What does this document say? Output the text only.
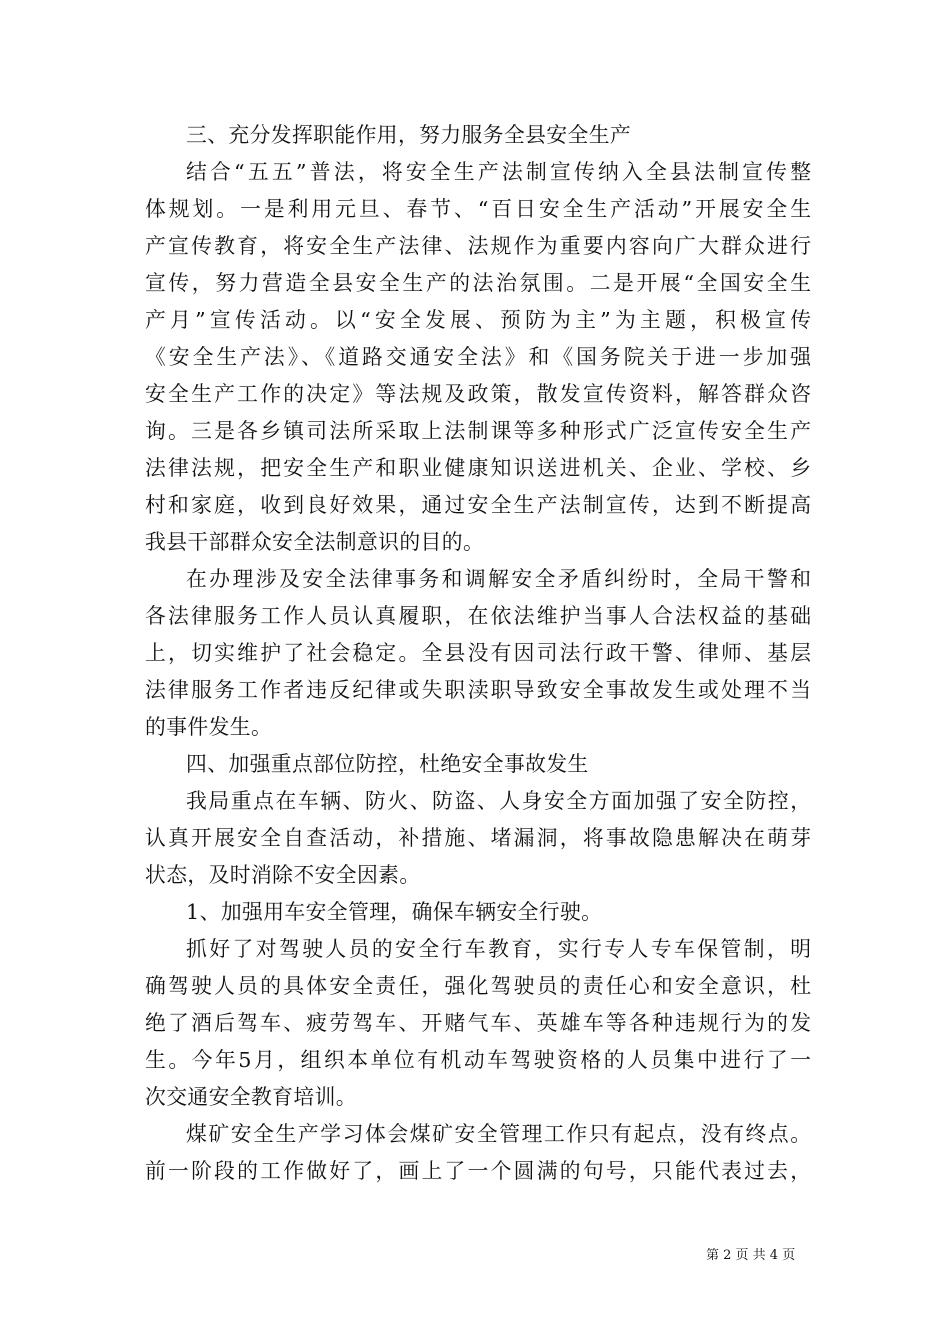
三、充分发挥职能作用，努力服务全县安全生产
结合“五五”普法，将安全生产法制宣传纳入全县法制宣传整
体规划。一是利用元旦、春节、“百日安全生产活动”开展安全生
产宣传教育，将安全生产法律、法规作为重要内容向广大群众进行
宣传，努力营造全县安全生产的法治氛围。二是开展“全国安全生
产月”宣传活动。以“安全发展、预防为主”为主题，积极宣传
《安全生产法》、《道路交通安全法》和《国务院关于进一步加强
安全生产工作的决定》等法规及政策，散发宣传资料，解答群众咨
询。三是各乡镇司法所采取上法制课等多种形式广泛宣传安全生产
法律法规，把安全生产和职业健康知识送进机关、企业、学校、乡
村和家庭，收到良好效果，通过安全生产法制宣传，达到不断提高
我县干部群众安全法制意识的目的。
在办理涉及安全法律事务和调解安全矛盾纠纷时，全局干警和
各法律服务工作人员认真履职，在依法维护当事人合法权益的基础
上，切实维护了社会稳定。全县没有因司法行政干警、律师、基层
法律服务工作者违反纪律或失职渎职导致安全事故发生或处理不当
的事件发生。
四、加强重点部位防控，杜绝安全事故发生
我局重点在车辆、防火、防盗、人身安全方面加强了安全防控，
认真开展安全自查活动，补措施、堵漏洞，将事故隐患解决在萌芽
状态，及时消除不安全因素。
1、加强用车安全管理，确保车辆安全行驶。
抓好了对驾驶人员的安全行车教育，实行专人专车保管制，明
确驾驶人员的具体安全责任，强化驾驶员的责任心和安全意识，杜
绝了酒后驾车、疲劳驾车、开赌气车、英雄车等各种违规行为的发
生。今年5月，组织本单位有机动车驾驶资格的人员集中进行了一
次交通安全教育培训。
煤矿安全生产学习体会煤矿安全管理工作只有起点，没有终点。
前一阶段的工作做好了，画上了一个圆满的句号，只能代表过去，
第 2 页 共 4 页
